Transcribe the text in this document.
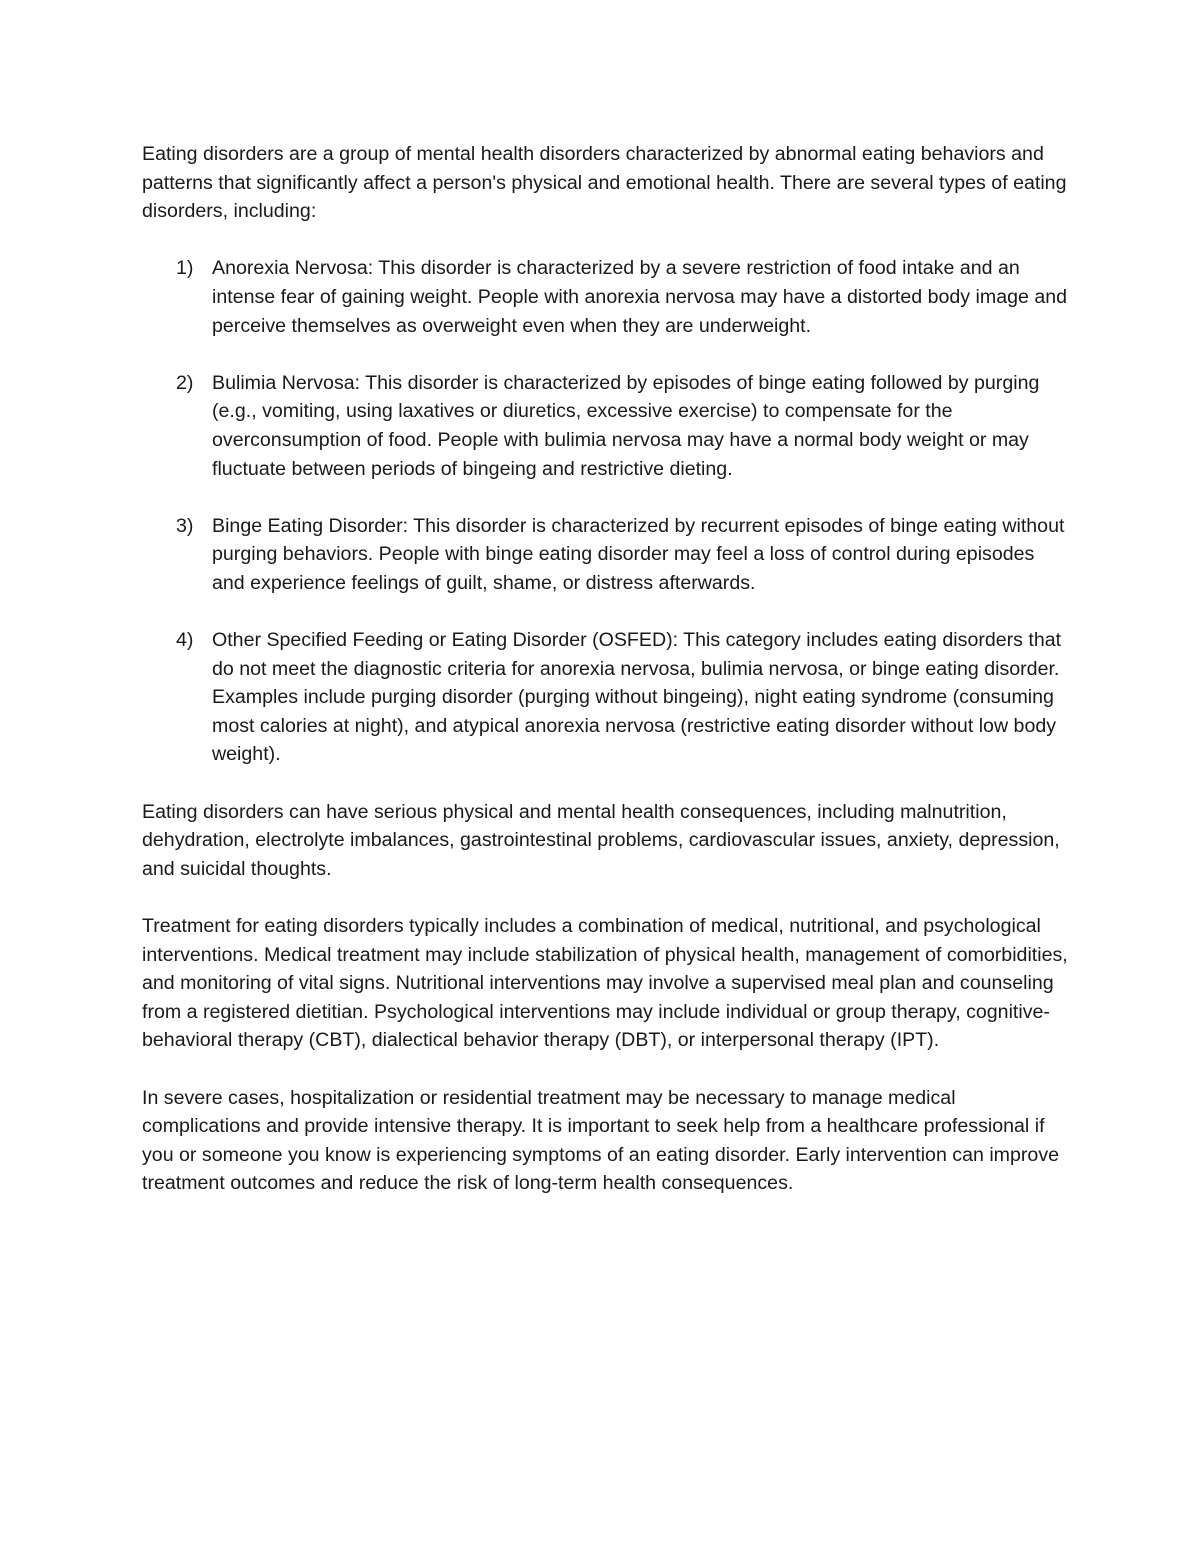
Eating disorders are a group of mental health disorders characterized by abnormal eating behaviors and patterns that significantly affect a person's physical and emotional health. There are several types of eating disorders, including:

1) Anorexia Nervosa: This disorder is characterized by a severe restriction of food intake and an intense fear of gaining weight. People with anorexia nervosa may have a distorted body image and perceive themselves as overweight even when they are underweight.
2) Bulimia Nervosa: This disorder is characterized by episodes of binge eating followed by purging (e.g., vomiting, using laxatives or diuretics, excessive exercise) to compensate for the overconsumption of food. People with bulimia nervosa may have a normal body weight or may fluctuate between periods of bingeing and restrictive dieting.
3) Binge Eating Disorder: This disorder is characterized by recurrent episodes of binge eating without purging behaviors. People with binge eating disorder may feel a loss of control during episodes and experience feelings of guilt, shame, or distress afterwards.
4) Other Specified Feeding or Eating Disorder (OSFED): This category includes eating disorders that do not meet the diagnostic criteria for anorexia nervosa, bulimia nervosa, or binge eating disorder. Examples include purging disorder (purging without bingeing), night eating syndrome (consuming most calories at night), and atypical anorexia nervosa (restrictive eating disorder without low body weight).

Eating disorders can have serious physical and mental health consequences, including malnutrition, dehydration, electrolyte imbalances, gastrointestinal problems, cardiovascular issues, anxiety, depression, and suicidal thoughts.

Treatment for eating disorders typically includes a combination of medical, nutritional, and psychological interventions. Medical treatment may include stabilization of physical health, management of comorbidities, and monitoring of vital signs. Nutritional interventions may involve a supervised meal plan and counseling from a registered dietitian. Psychological interventions may include individual or group therapy, cognitive-behavioral therapy (CBT), dialectical behavior therapy (DBT), or interpersonal therapy (IPT).

In severe cases, hospitalization or residential treatment may be necessary to manage medical complications and provide intensive therapy. It is important to seek help from a healthcare professional if you or someone you know is experiencing symptoms of an eating disorder. Early intervention can improve treatment outcomes and reduce the risk of long-term health consequences.
